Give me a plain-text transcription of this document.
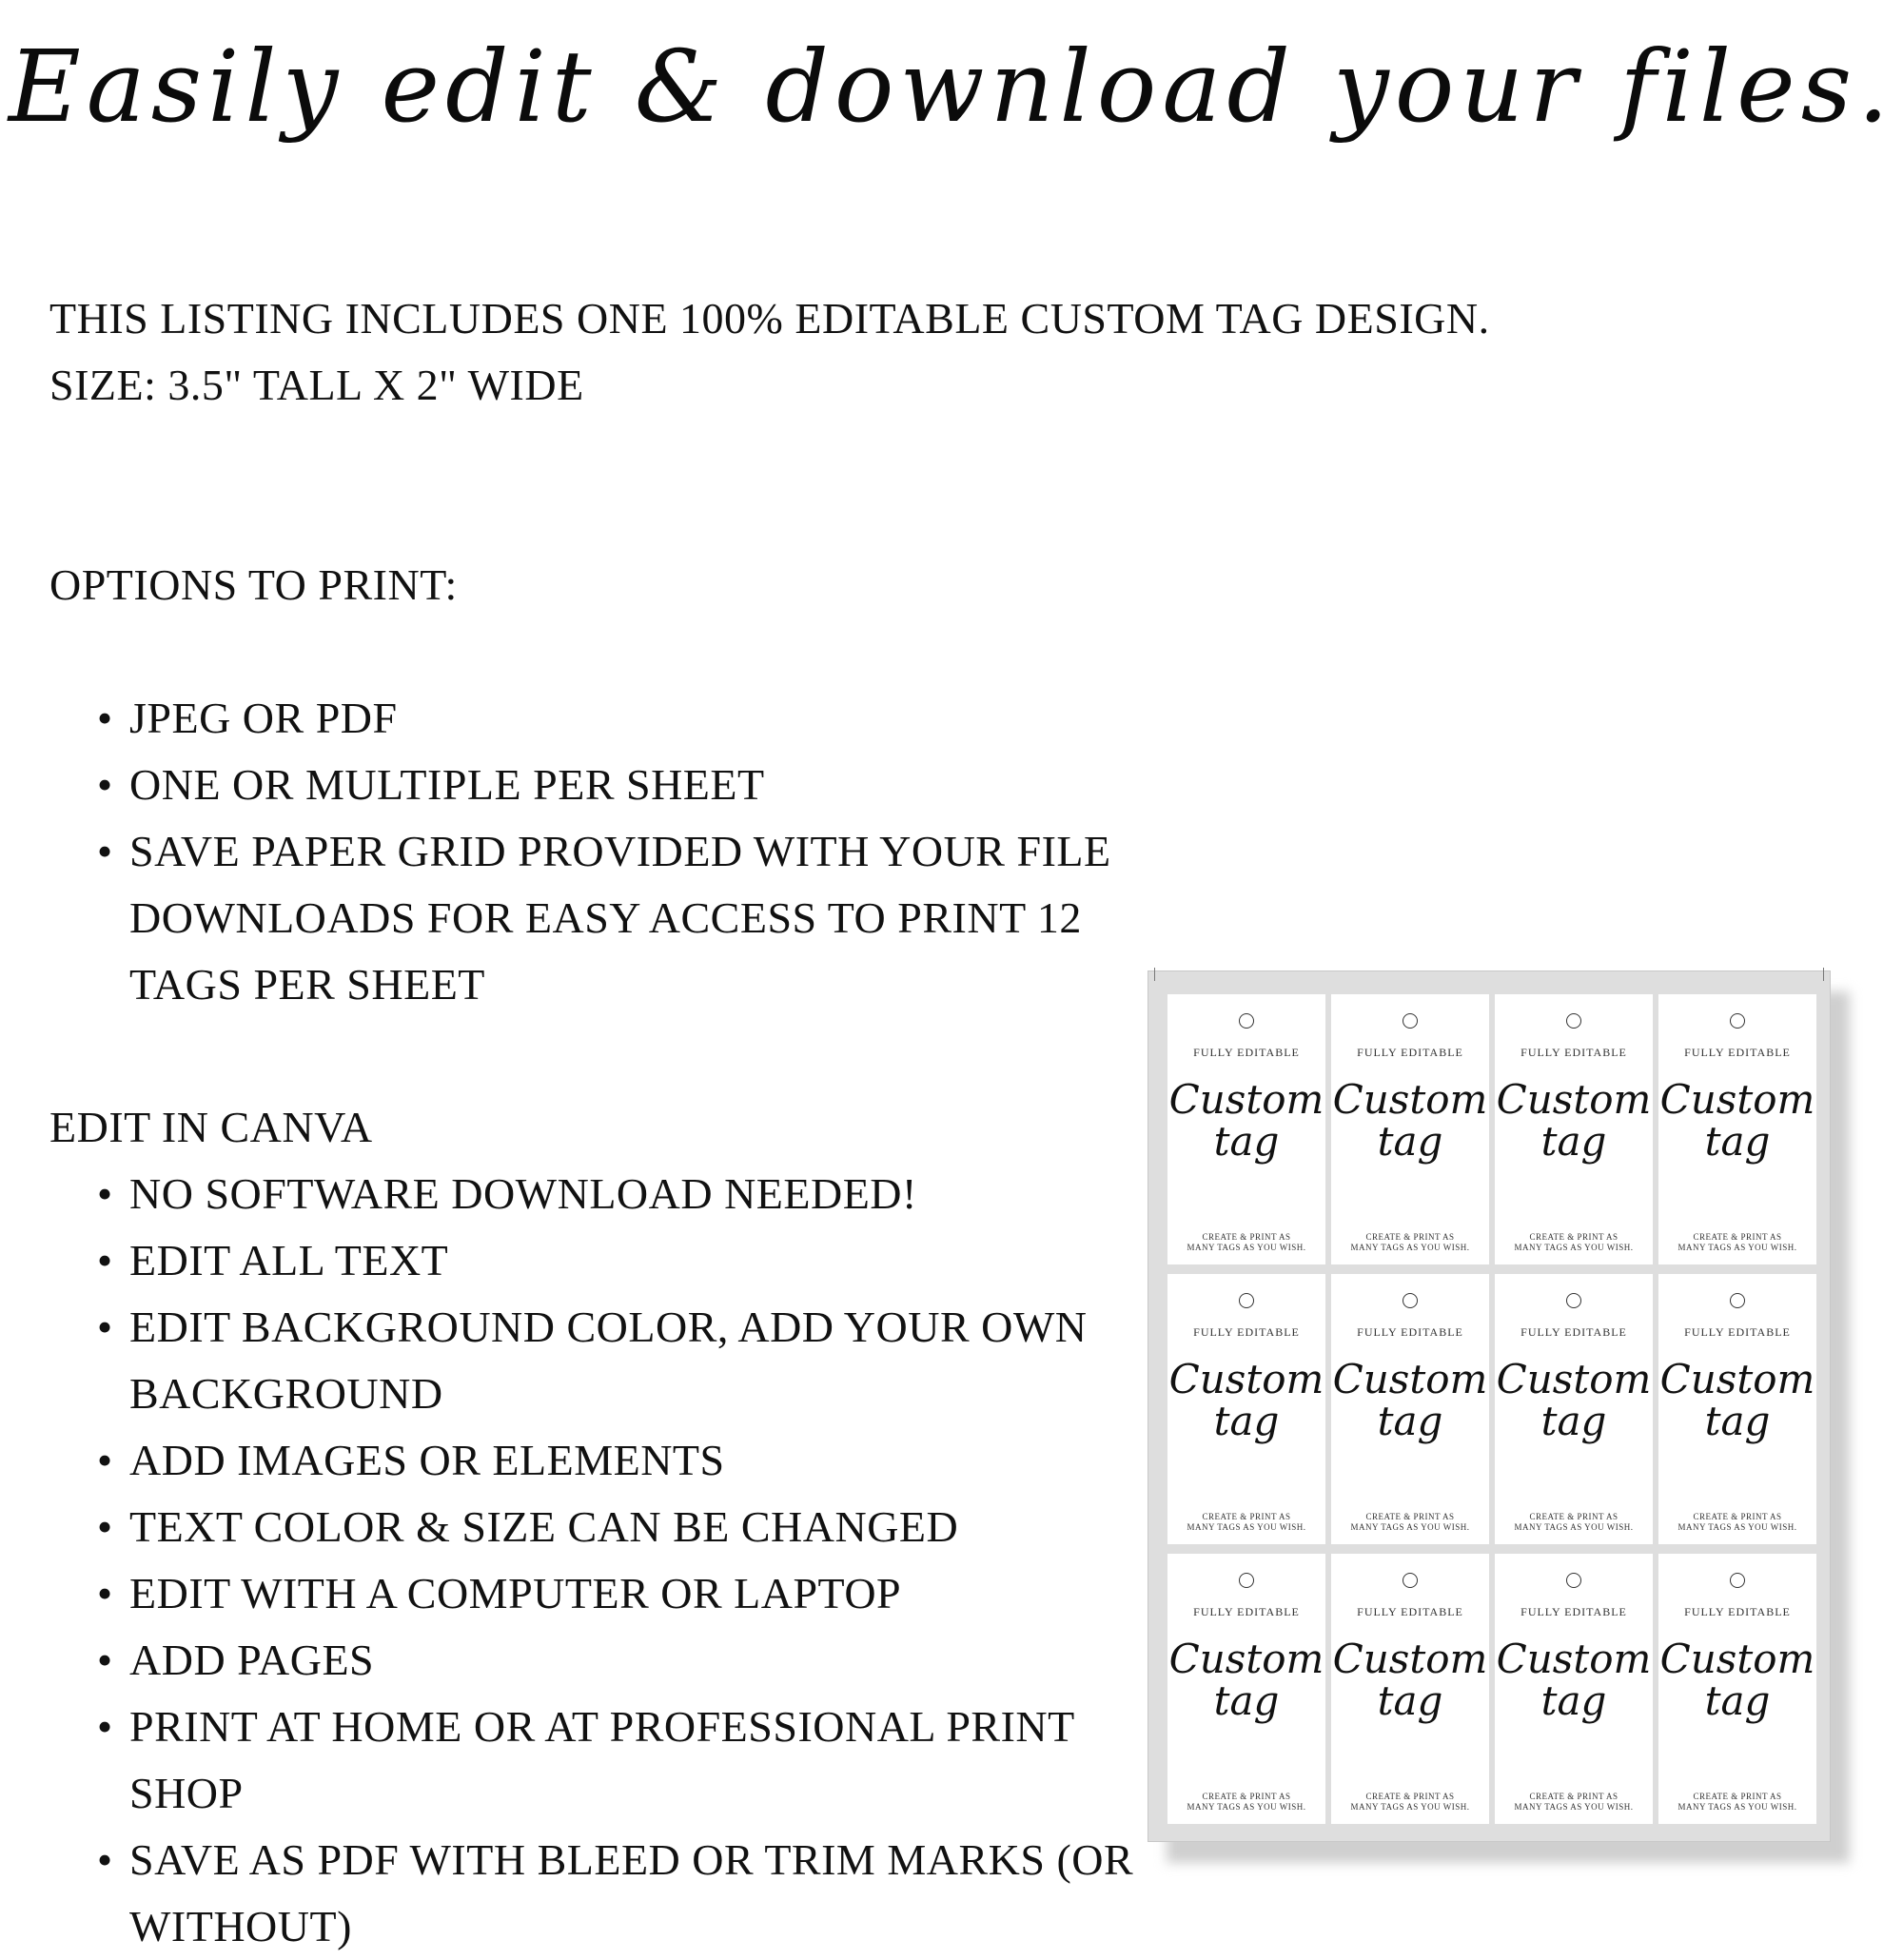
Easily edit & download your files.
THIS LISTING INCLUDES ONE 100% EDITABLE CUSTOM TAG DESIGN.
SIZE: 3.5" TALL X 2" WIDE
OPTIONS TO PRINT:
• JPEG OR PDF
• ONE OR MULTIPLE PER SHEET
• SAVE PAPER GRID PROVIDED WITH YOUR FILE DOWNLOADS FOR EASY ACCESS TO PRINT 12 TAGS PER SHEET
EDIT IN CANVA
• NO SOFTWARE DOWNLOAD NEEDED!
• EDIT ALL TEXT
• EDIT BACKGROUND COLOR, ADD YOUR OWN BACKGROUND
• ADD IMAGES OR ELEMENTS
• TEXT COLOR & SIZE CAN BE CHANGED
• EDIT WITH A COMPUTER OR LAPTOP
• ADD PAGES
• PRINT AT HOME OR AT PROFESSIONAL PRINT SHOP
• SAVE AS PDF WITH BLEED OR TRIM MARKS (OR WITHOUT)
FULLY EDITABLE
Custom
tag
CREATE & PRINT AS
MANY TAGS AS YOU WISH.
FULLY EDITABLE
Custom
tag
CREATE & PRINT AS
MANY TAGS AS YOU WISH.
FULLY EDITABLE
Custom
tag
CREATE & PRINT AS
MANY TAGS AS YOU WISH.
FULLY EDITABLE
Custom
tag
CREATE & PRINT AS
MANY TAGS AS YOU WISH.
FULLY EDITABLE
Custom
tag
CREATE & PRINT AS
MANY TAGS AS YOU WISH.
FULLY EDITABLE
Custom
tag
CREATE & PRINT AS
MANY TAGS AS YOU WISH.
FULLY EDITABLE
Custom
tag
CREATE & PRINT AS
MANY TAGS AS YOU WISH.
FULLY EDITABLE
Custom
tag
CREATE & PRINT AS
MANY TAGS AS YOU WISH.
FULLY EDITABLE
Custom
tag
CREATE & PRINT AS
MANY TAGS AS YOU WISH.
FULLY EDITABLE
Custom
tag
CREATE & PRINT AS
MANY TAGS AS YOU WISH.
FULLY EDITABLE
Custom
tag
CREATE & PRINT AS
MANY TAGS AS YOU WISH.
FULLY EDITABLE
Custom
tag
CREATE & PRINT AS
MANY TAGS AS YOU WISH.
